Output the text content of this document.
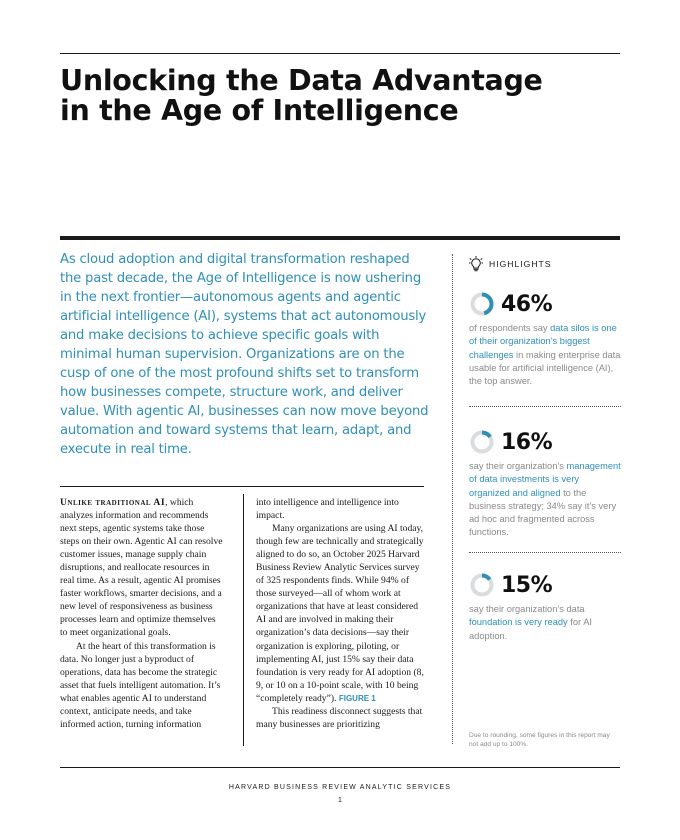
Unlocking the Data Advantage
in the Age of Intelligence

As cloud adoption and digital transformation reshaped the past decade, the Age of Intelligence is now ushering in the next frontier—autonomous agents and agentic artificial intelligence (AI), systems that act autonomously and make decisions to achieve specific goals with minimal human supervision. Organizations are on the cusp of one of the most profound shifts set to transform how businesses compete, structure work, and deliver value. With agentic AI, businesses can now move beyond automation and toward systems that learn, adapt, and execute in real time.

Unlike traditional AI, which analyzes information and recommends next steps, agentic systems take those steps on their own. Agentic AI can resolve customer issues, manage supply chain disruptions, and reallocate resources in real time. As a result, agentic AI promises faster workflows, smarter decisions, and a new level of responsiveness as business processes learn and optimize themselves to meet organizational goals.

At the heart of this transformation is data. No longer just a byproduct of operations, data has become the strategic asset that fuels intelligent automation. It’s what enables agentic AI to understand context, anticipate needs, and take informed action, turning information

into intelligence and intelligence into impact.

Many organizations are using AI today, though few are technically and strategically aligned to do so, an October 2025 Harvard Business Review Analytic Services survey of 325 respondents finds. While 94% of those surveyed—all of whom work at organizations that have at least considered AI and are involved in making their organization’s data decisions—say their organization is exploring, piloting, or implementing AI, just 15% say their data foundation is very ready for AI adoption (8, 9, or 10 on a 10-point scale, with 10 being “completely ready”). FIGURE 1

This readiness disconnect suggests that many businesses are prioritizing

HIGHLIGHTS
46%

of respondents say data silos is one of their organization’s biggest challenges in making enterprise data usable for artificial intelligence (AI), the top answer.

16%

say their organization’s management of data investments is very organized and aligned to the business strategy; 34% say it’s very ad hoc and fragmented across functions.

15%

say their organization’s data foundation is very ready for AI adoption.

Due to rounding, some figures in this report may not add up to 100%.

HARVARD BUSINESS REVIEW ANALYTIC SERVICES
1
